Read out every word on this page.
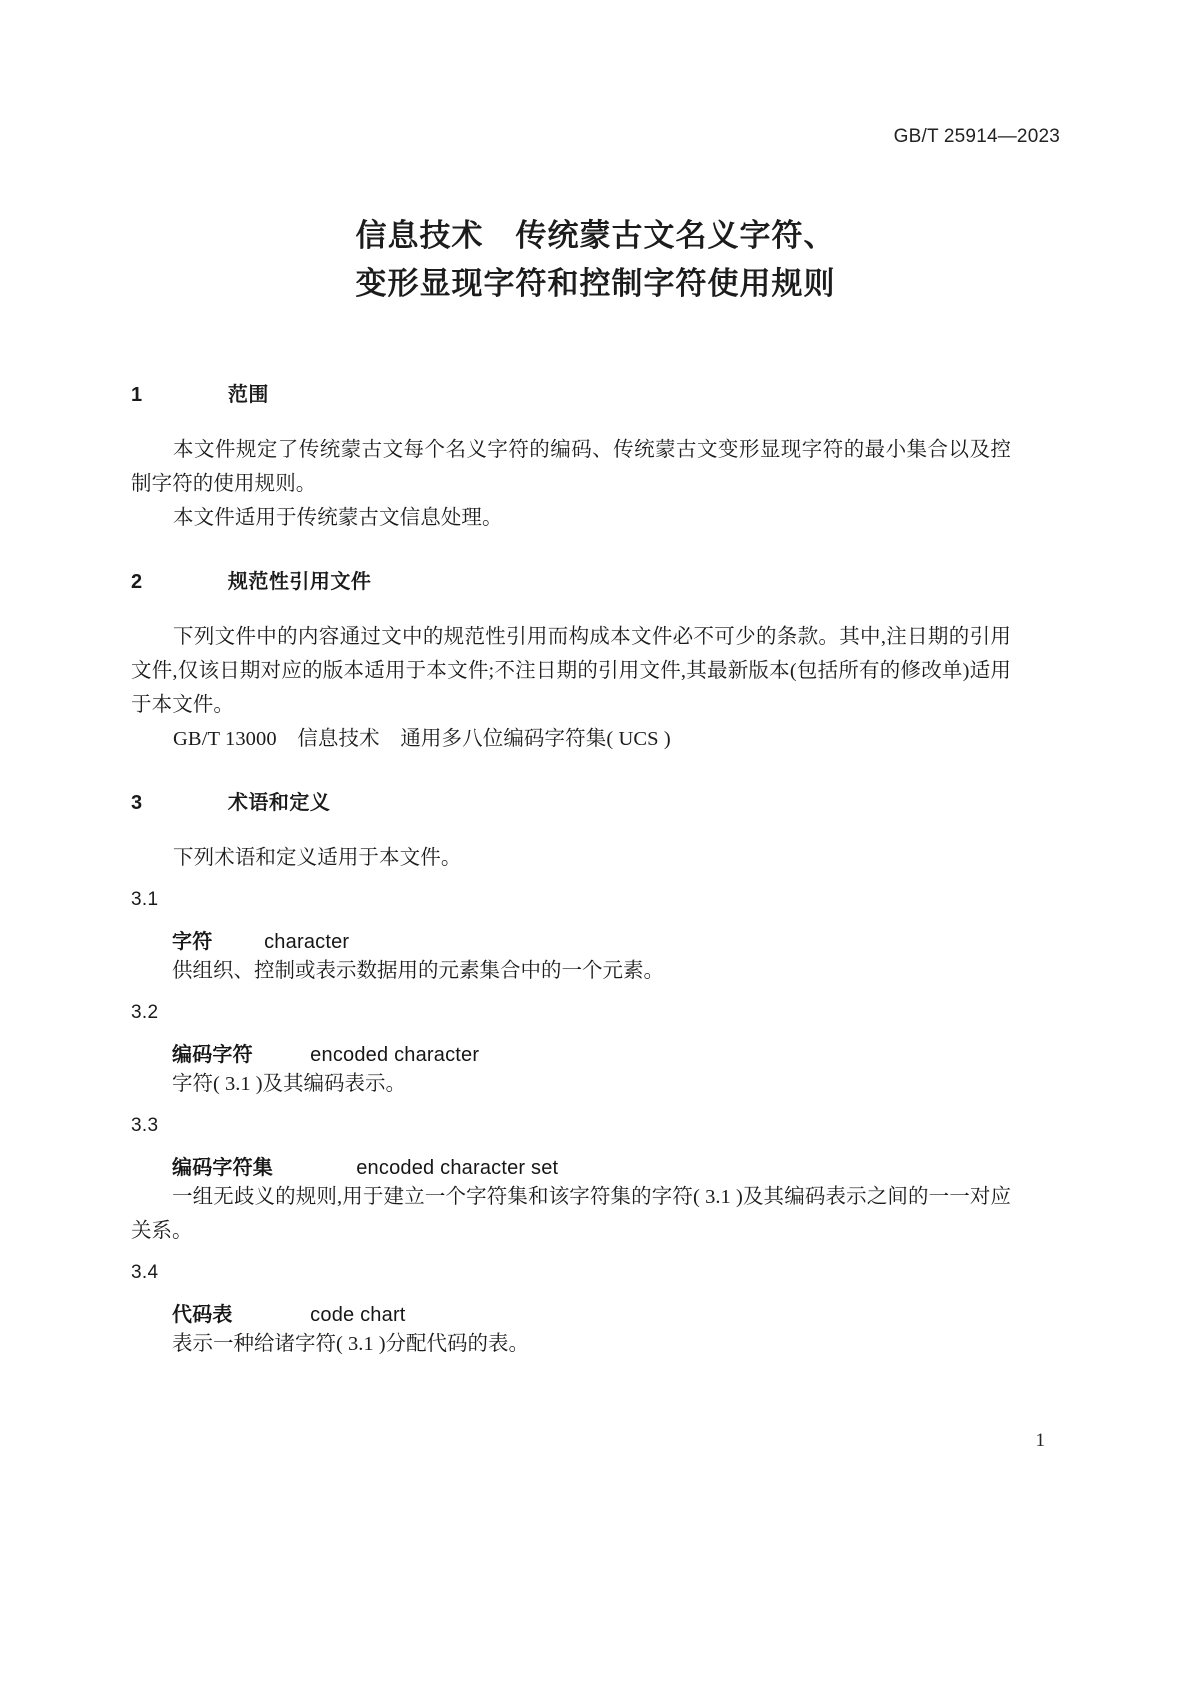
GB/T 25914—2023
信息技术　传统蒙古文名义字符、
变形显现字符和控制字符使用规则

1			范围

本文件规定了传统蒙古文每个名义字符的编码、传统蒙古文变形显现字符的最小集合以及控制字符的使用规则。

本文件适用于传统蒙古文信息处理。

2			规范性引用文件

下列文件中的内容通过文中的规范性引用而构成本文件必不可少的条款。其中,注日期的引用文件,仅该日期对应的版本适用于本文件;不注日期的引用文件,其最新版本(包括所有的修改单)适用于本文件。

GB/T 13000　信息技术　通用多八位编码字符集( UCS )

3			术语和定义

下列术语和定义适用于本文件。

3.1

字符			character

供组织、控制或表示数据用的元素集合中的一个元素。

3.2

编码字符			encoded character

字符( 3.1 )及其编码表示。

3.3

编码字符集			encoded character set

一组无歧义的规则,用于建立一个字符集和该字符集的字符( 3.1 )及其编码表示之间的一一对应关系。

3.4

代码表			code chart

表示一种给诸字符( 3.1 )分配代码的表。

1
